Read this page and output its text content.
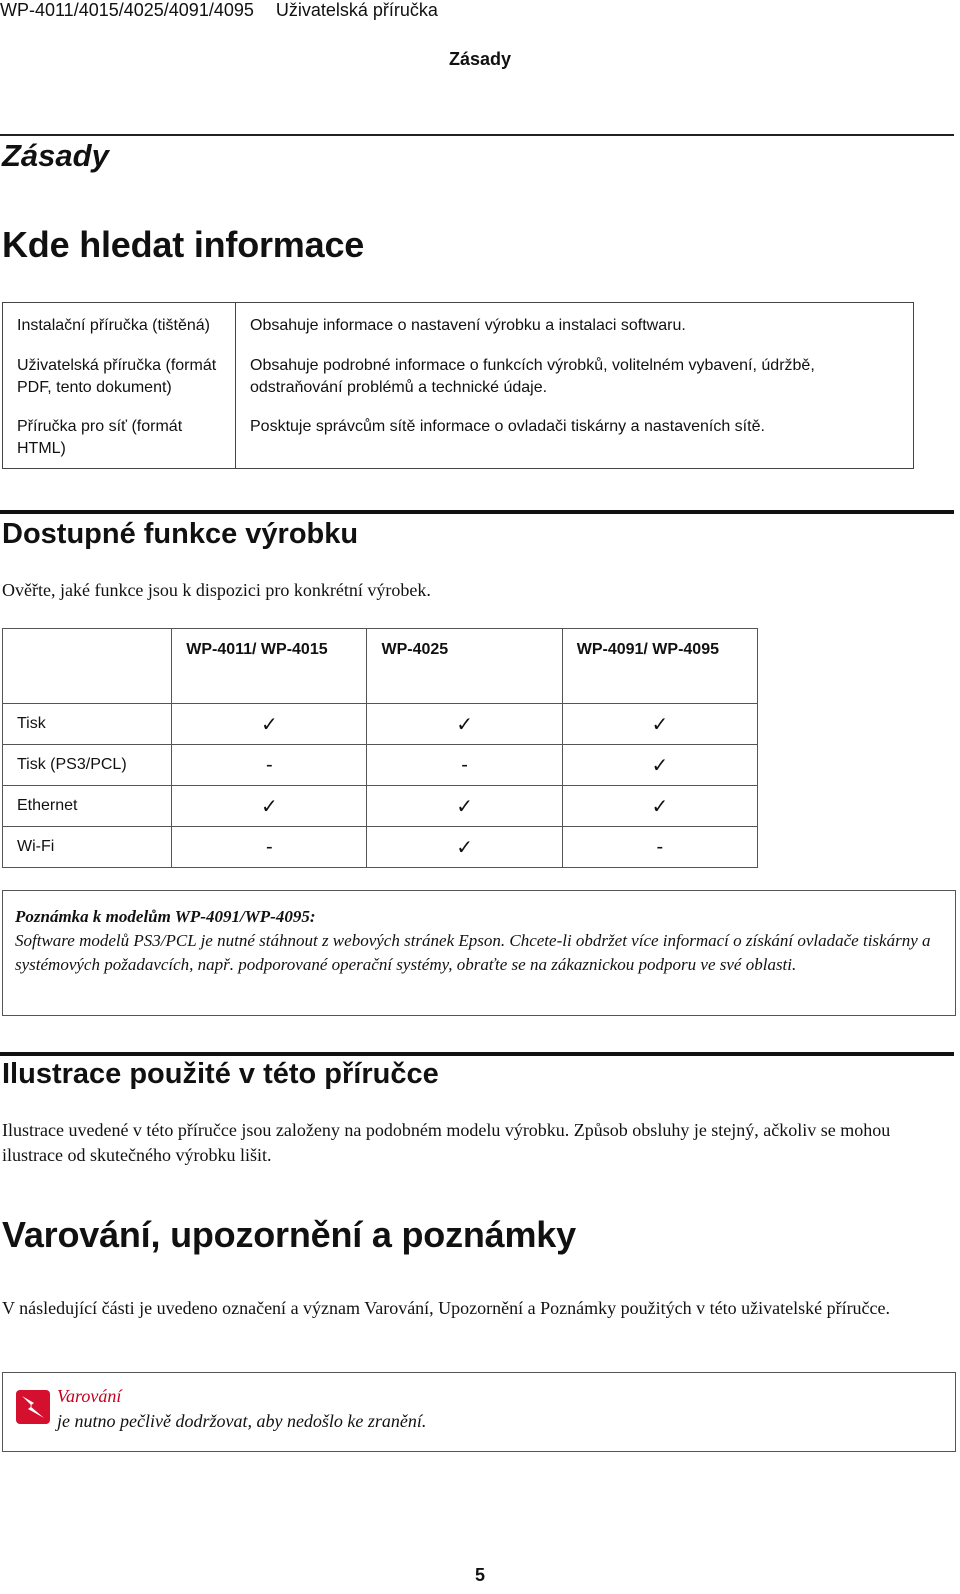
WP-4011/4015/4025/4091/4095 Uživatelská příručka
Zásady
Zásady
Kde hledat informace
Instalační příručka (tištěná)	Obsahuje informace o nastavení výrobku a instalaci softwaru.
Uživatelská příručka (formát PDF, tento dokument)	Obsahuje podrobné informace o funkcích výrobků, volitelném vybavení, údržbě, odstraňování problémů a technické údaje.
Příručka pro síť (formát HTML)	Posktuje správcům sítě informace o ovladači tiskárny a nastaveních sítě.
Dostupné funkce výrobku
Ověřte, jaké funkce jsou k dispozici pro konkrétní výrobek.
	WP-4011/ WP-4015	WP-4025	WP-4091/ WP-4095
Tisk	✓	✓	✓
Tisk (PS3/PCL)	-	-	✓
Ethernet	✓	✓	✓
Wi-Fi	-	✓	-
Poznámka k modelům WP-4091/WP-4095:
Software modelů PS3/PCL je nutné stáhnout z webových stránek Epson. Chcete-li obdržet více informací o získání ovladače tiskárny a systémových požadavcích, např. podporované operační systémy, obraťte se na zákaznickou podporu ve své oblasti.
Ilustrace použité v této příručce
Ilustrace uvedené v této příručce jsou založeny na podobném modelu výrobku. Způsob obsluhy je stejný, ačkoliv se mohou ilustrace od skutečného výrobku lišit.
Varování, upozornění a poznámky
V následující části je uvedeno označení a význam Varování, Upozornění a Poznámky použitých v této uživatelské příručce.
Varování
je nutno pečlivě dodržovat, aby nedošlo ke zranění.
5
